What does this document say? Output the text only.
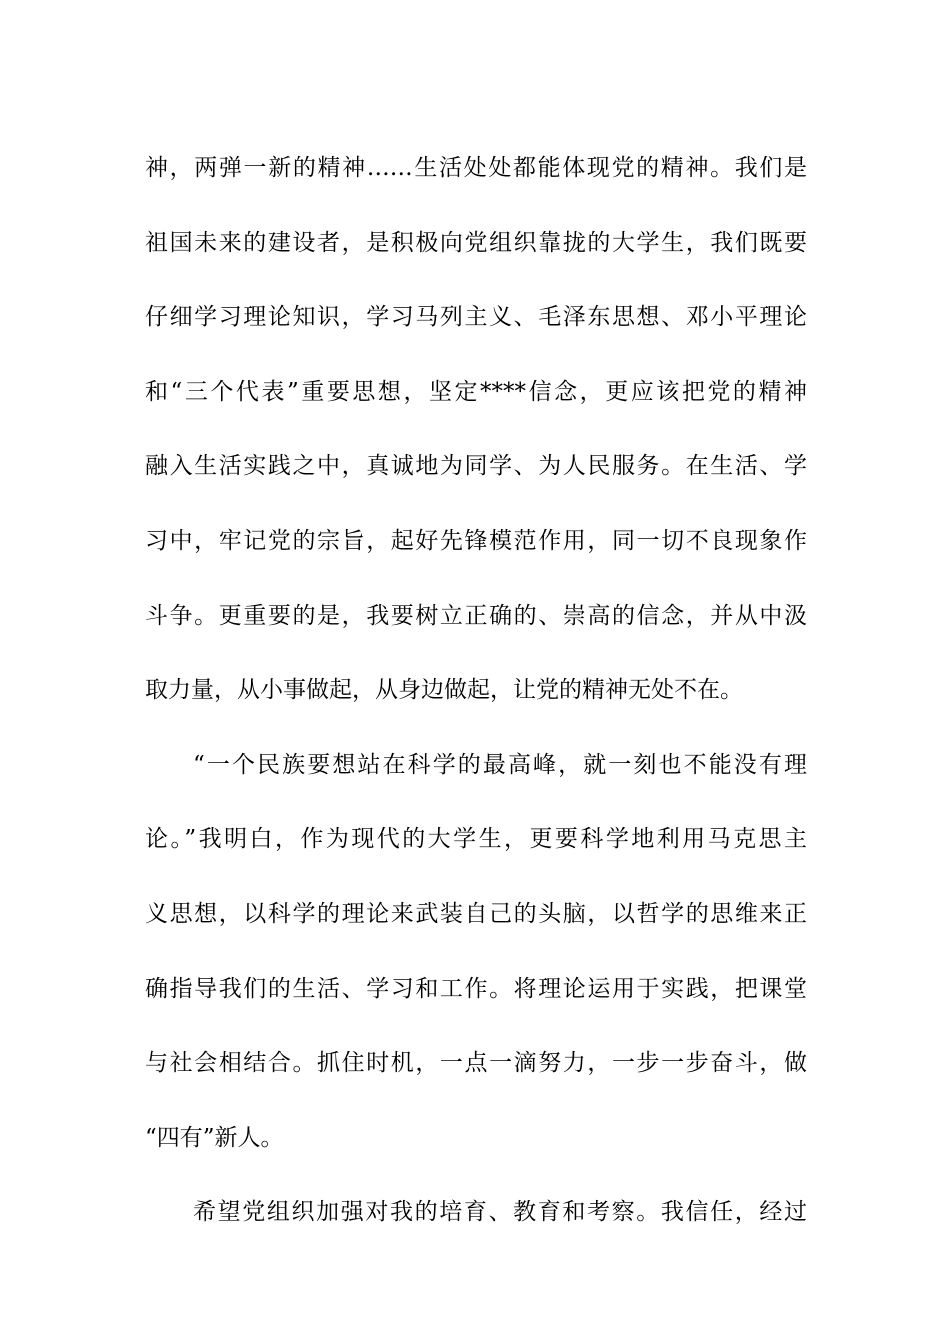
神，两弹一新的精神……生活处处都能体现党的精神。我们是
祖国未来的建设者，是积极向党组织靠拢的大学生，我们既要
仔细学习理论知识，学习马列主义、毛泽东思想、邓小平理论
和“三个代表”重要思想，坚定****信念，更应该把党的精神
融入生活实践之中，真诚地为同学、为人民服务。在生活、学
习中，牢记党的宗旨，起好先锋模范作用，同一切不良现象作
斗争。更重要的是，我要树立正确的、崇高的信念，并从中汲
取力量，从小事做起，从身边做起，让党的精神无处不在。
“一个民族要想站在科学的最高峰，就一刻也不能没有理
论。”我明白，作为现代的大学生，更要科学地利用马克思主
义思想，以科学的理论来武装自己的头脑，以哲学的思维来正
确指导我们的生活、学习和工作。将理论运用于实践，把课堂
与社会相结合。抓住时机，一点一滴努力，一步一步奋斗，做
“四有”新人。
希望党组织加强对我的培育、教育和考察。我信任，经过
